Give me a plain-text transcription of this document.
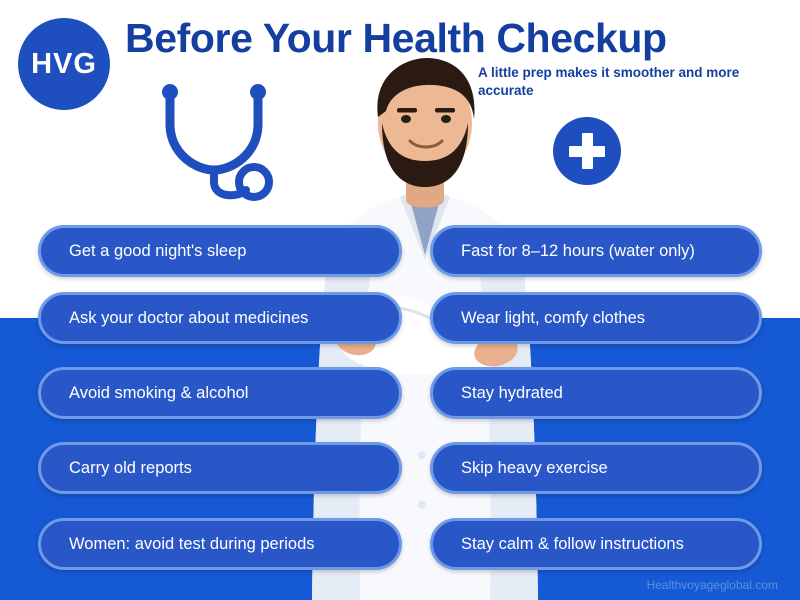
HVG
Before Your Health Checkup
A little prep makes it smoother and more accurate
Get a good night's sleep
Ask your doctor about medicines
Avoid smoking & alcohol
Carry old reports
Women: avoid test during periods
Fast for 8–12 hours (water only)
Wear light, comfy clothes
Stay hydrated
Skip heavy exercise
Stay calm & follow instructions
Healthvoyageglobal.com
